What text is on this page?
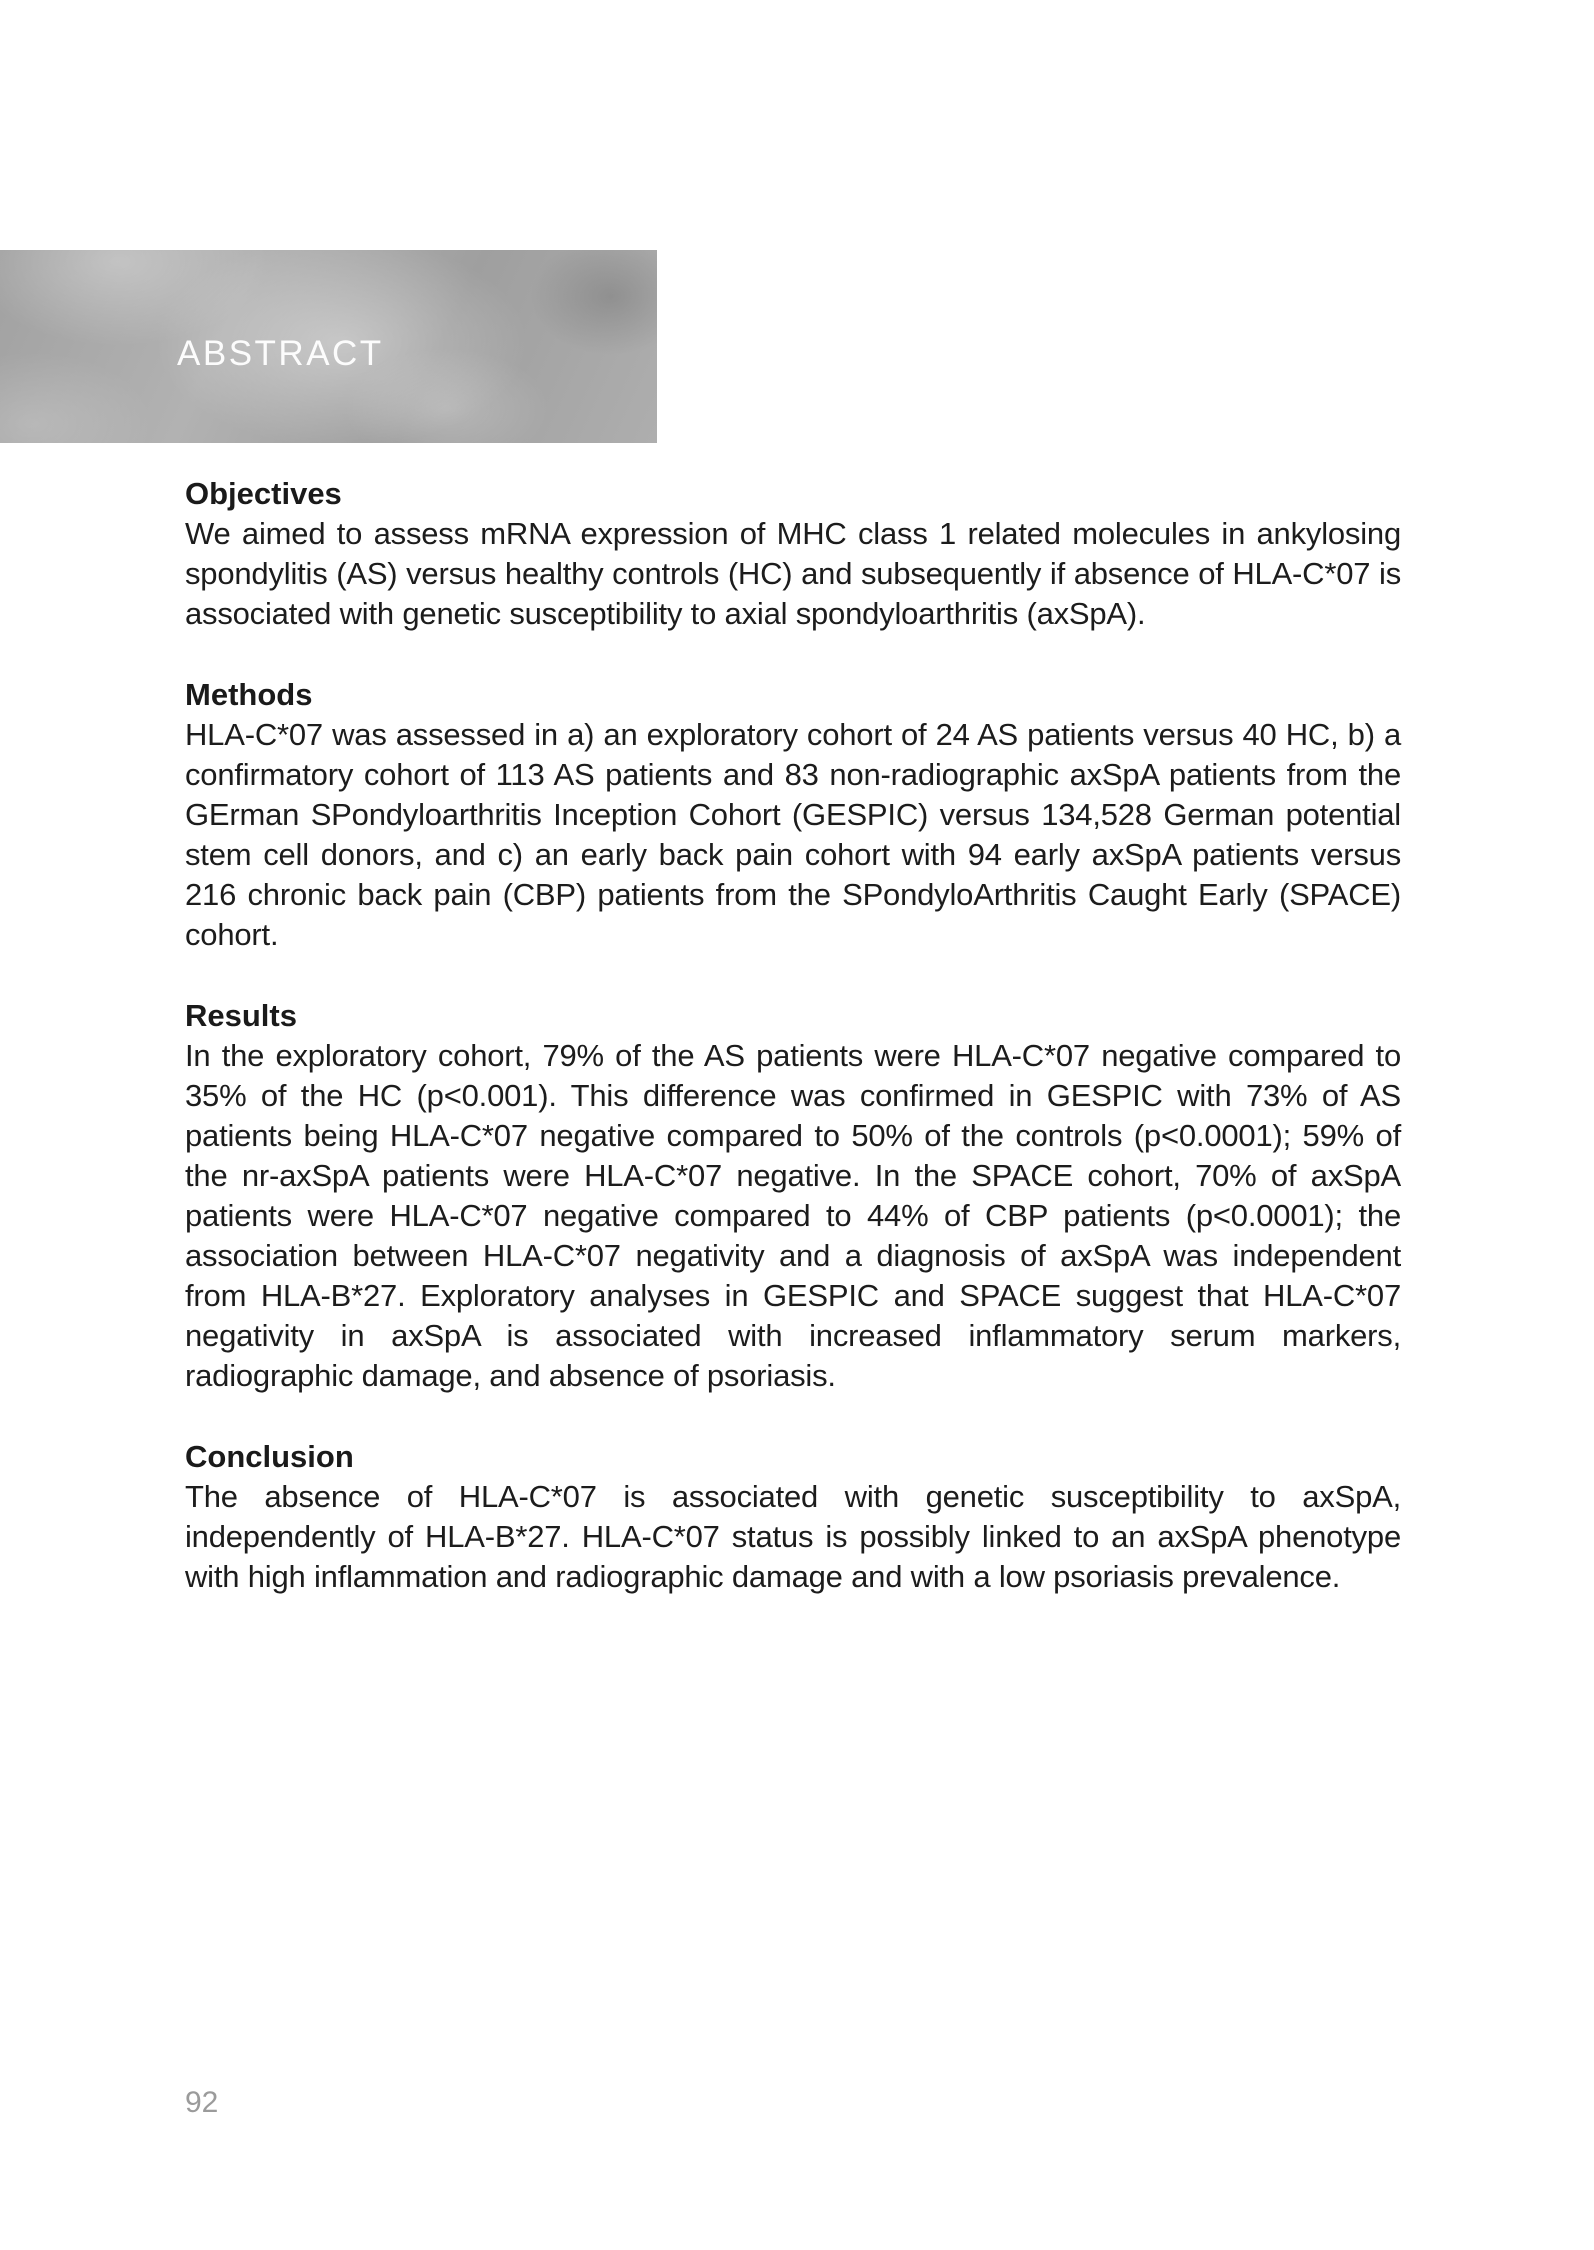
ABSTRACT
Objectives

We aimed to assess mRNA expression of MHC class 1 related molecules in ankylosing spondylitis (AS) versus healthy controls (HC) and subsequently if absence of HLA-C*07 is associated with genetic susceptibility to axial spondyloarthritis (axSpA).

Methods

HLA-C*07 was assessed in a) an exploratory cohort of 24 AS patients versus 40 HC, b) a confirmatory cohort of 113 AS patients and 83 non-radiographic axSpA patients from the GErman SPondyloarthritis Inception Cohort (GESPIC) versus 134,528 German potential stem cell donors, and c) an early back pain cohort with 94 early axSpA patients versus 216 chronic back pain (CBP) patients from the SPondyloArthritis Caught Early (SPACE) cohort.

Results

In the exploratory cohort, 79% of the AS patients were HLA-C*07 negative compared to 35% of the HC (p<0.001). This difference was confirmed in GESPIC with 73% of AS patients being HLA-C*07 negative compared to 50% of the controls (p<0.0001); 59% of the nr-axSpA patients were HLA-C*07 negative. In the SPACE cohort, 70% of axSpA patients were HLA-C*07 negative compared to 44% of CBP patients (p<0.0001); the association between HLA-C*07 negativity and a diagnosis of axSpA was independent from HLA-B*27. Exploratory analyses in GESPIC and SPACE suggest that HLA-C*07 negativity in axSpA is associated with increased inflammatory serum markers, radiographic damage, and absence of psoriasis.

Conclusion

The absence of HLA-C*07 is associated with genetic susceptibility to axSpA, independently of HLA-B*27. HLA-C*07 status is possibly linked to an axSpA phenotype with high inflammation and radiographic damage and with a low psoriasis prevalence.

92
